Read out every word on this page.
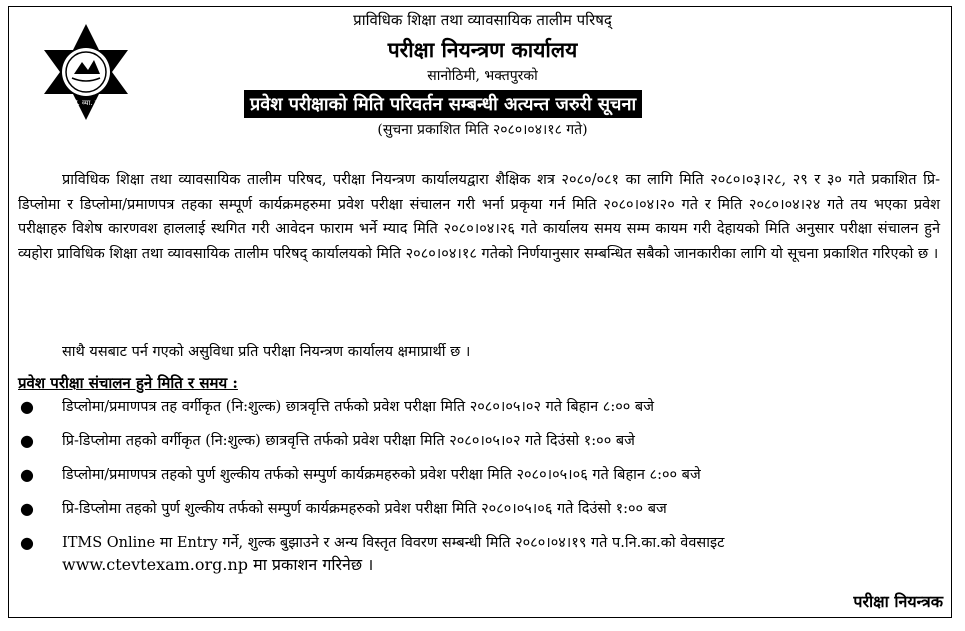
प्रा. शि. व्या. ता. प.
प्राविधिक शिक्षा तथा व्यावसायिक तालीम परिषद्
परीक्षा नियन्त्रण कार्यालय
सानोठिमी, भक्तपुरको
प्रवेश परीक्षाको मिति परिवर्तन सम्बन्धी अत्यन्त जरुरी सूचना
(सुचना प्रकाशित मिति २०८०।०४।१८ गते)

प्राविधिक शिक्षा तथा व्यावसायिक तालीम परिषद, परीक्षा नियन्त्रण कार्यालयद्वारा शैक्षिक शत्र २०८०/०८१ का लागि मिति २०८०।०३।२८, २९ र ३० गते प्रकाशित प्रि-डिप्लोमा र डिप्लोमा/प्रमाणपत्र तहका सम्पूर्ण कार्यक्रमहरुमा प्रवेश परीक्षा संचालन गरी भर्ना प्रकृया गर्न मिति २०८०।०४।२० गते र मिति २०८०।०४।२४ गते तय भएका प्रवेश परीक्षाहरु विशेष कारणवश हाललाई स्थगित गरी आवेदन फाराम भर्ने म्याद मिति २०८०।०४।२६ गते कार्यालय समय सम्म कायम गरी देहायको मिति अनुसार परीक्षा संचालन हुने व्यहोरा प्राविधिक शिक्षा तथा व्यावसायिक तालीम परिषद् कार्यालयको मिति २०८०।०४।१८ गतेको निर्णयानुसार सम्बन्धित सबैको जानकारीका लागि यो सूचना प्रकाशित गरिएको छ ।

साथै यसबाट पर्न गएको असुविधा प्रति परीक्षा नियन्त्रण कार्यालय क्षमाप्रार्थी छ ।

प्रवेश परीक्षा संचालन हुने मिति र समय :

● डिप्लोमा/प्रमाणपत्र तह वर्गीकृत (नि:शुल्क) छात्रवृत्ति तर्फको प्रवेश परीक्षा मिति २०८०।०५।०२ गते बिहान ८:०० बजे
● प्रि-डिप्लोमा तहको वर्गीकृत (नि:शुल्क) छात्रवृत्ति तर्फको प्रवेश परीक्षा मिति २०८०।०५।०२ गते दिउंसो १:०० बजे
● डिप्लोमा/प्रमाणपत्र तहको पुर्ण शुल्कीय तर्फको सम्पुर्ण कार्यक्रमहरुको प्रवेश परीक्षा मिति २०८०।०५।०६ गते बिहान ८:०० बजे
● प्रि-डिप्लोमा तहको पुर्ण शुल्कीय तर्फको सम्पुर्ण कार्यक्रमहरुको प्रवेश परीक्षा मिति २०८०।०५।०६ गते दिउंसो १:०० बज
● ITMS Online मा Entry गर्ने, शुल्क बुझाउने र अन्य विस्तृत विवरण सम्बन्धी मिति २०८०।०४।१९ गते प.नि.का.को वेवसाइट
www.ctevtexam.org.np मा प्रकाशन गरिनेछ ।

परीक्षा नियन्त्रक
